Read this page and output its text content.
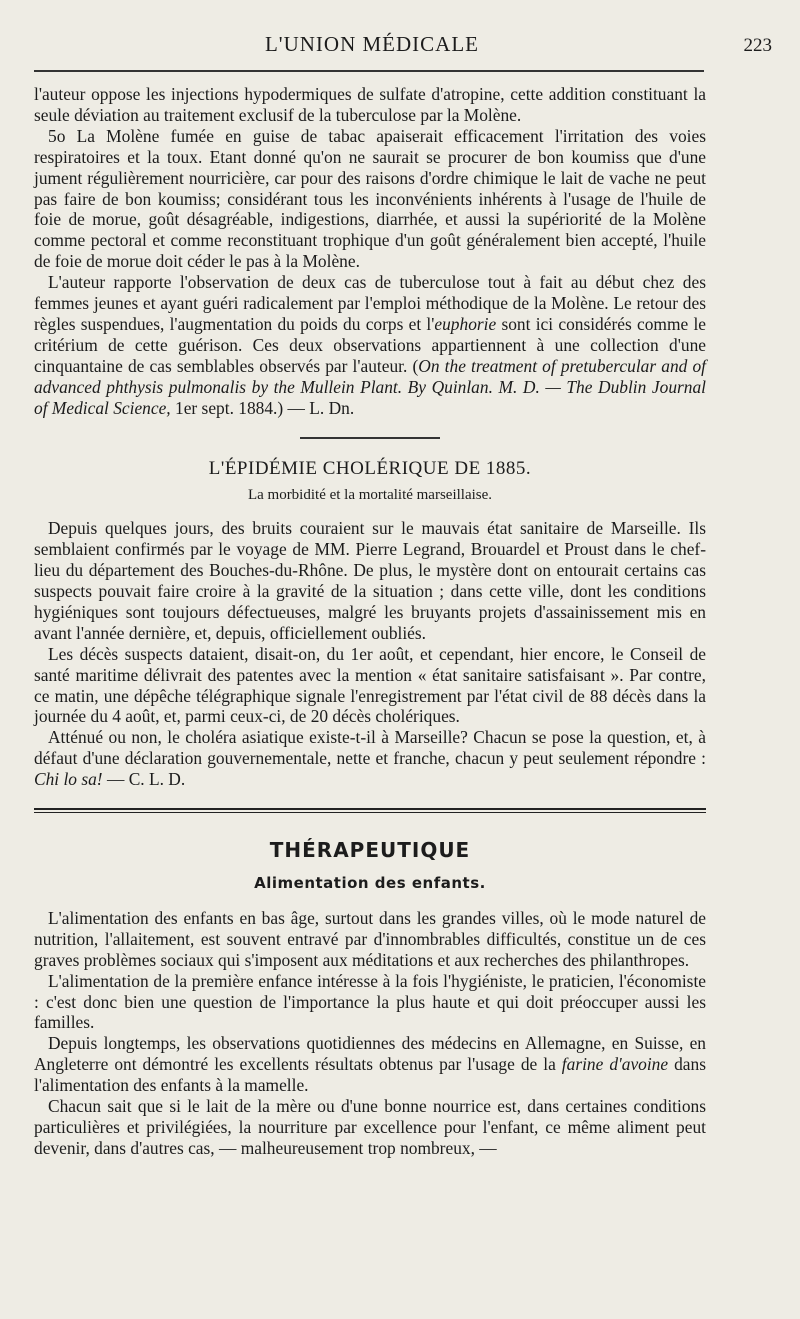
L'UNION MÉDICALE	223

l'auteur oppose les injections hypodermiques de sulfate d'atropine, cette addition constituant la seule déviation au traitement exclusif de la tuberculose par la Molène.

5o La Molène fumée en guise de tabac apaiserait efficacement l'irritation des voies respiratoires et la toux. Etant donné qu'on ne saurait se procurer de bon koumiss que d'une jument régulièrement nourricière, car pour des raisons d'ordre chimique le lait de vache ne peut pas faire de bon koumiss; considérant tous les inconvénients inhérents à l'usage de l'huile de foie de morue, goût désagréable, indigestions, diarrhée, et aussi la supériorité de la Molène comme pectoral et comme reconstituant trophique d'un goût généralement bien accepté, l'huile de foie de morue doit céder le pas à la Molène.

L'auteur rapporte l'observation de deux cas de tuberculose tout à fait au début chez des femmes jeunes et ayant guéri radicalement par l'emploi méthodique de la Molène. Le retour des règles suspendues, l'augmentation du poids du corps et l'euphorie sont ici considérés comme le critérium de cette guérison. Ces deux observations appartiennent à une collection d'une cinquantaine de cas semblables observés par l'auteur. (On the treatment of pretubercular and of advanced phthysis pulmonalis by the Mullein Plant. By Quinlan. M. D. — The Dublin Journal of Medical Science, 1er sept. 1884.) — L. Dn.

L'ÉPIDÉMIE CHOLÉRIQUE DE 1885.
La morbidité et la mortalité marseillaise.

Depuis quelques jours, des bruits couraient sur le mauvais état sanitaire de Marseille. Ils semblaient confirmés par le voyage de MM. Pierre Legrand, Brouardel et Proust dans le chef-lieu du département des Bouches-du-Rhône. De plus, le mystère dont on entourait certains cas suspects pouvait faire croire à la gravité de la situation ; dans cette ville, dont les conditions hygiéniques sont toujours défectueuses, malgré les bruyants projets d'assainissement mis en avant l'année dernière, et, depuis, officiellement oubliés.

Les décès suspects dataient, disait-on, du 1er août, et cependant, hier encore, le Conseil de santé maritime délivrait des patentes avec la mention « état sanitaire satisfaisant ». Par contre, ce matin, une dépêche télégraphique signale l'enregistrement par l'état civil de 88 décès dans la journée du 4 août, et, parmi ceux-ci, de 20 décès cholériques.

Atténué ou non, le choléra asiatique existe-t-il à Marseille? Chacun se pose la question, et, à défaut d'une déclaration gouvernementale, nette et franche, chacun y peut seulement répondre : Chi lo sa! — C. L. D.

THÉRAPEUTIQUE
Alimentation des enfants.

L'alimentation des enfants en bas âge, surtout dans les grandes villes, où le mode naturel de nutrition, l'allaitement, est souvent entravé par d'innombrables difficultés, constitue un de ces graves problèmes sociaux qui s'imposent aux méditations et aux recherches des philanthropes.

L'alimentation de la première enfance intéresse à la fois l'hygiéniste, le praticien, l'économiste : c'est donc bien une question de l'importance la plus haute et qui doit préoccuper aussi les familles.

Depuis longtemps, les observations quotidiennes des médecins en Allemagne, en Suisse, en Angleterre ont démontré les excellents résultats obtenus par l'usage de la farine d'avoine dans l'alimentation des enfants à la mamelle.

Chacun sait que si le lait de la mère ou d'une bonne nourrice est, dans certaines conditions particulières et privilégiées, la nourriture par excellence pour l'enfant, ce même aliment peut devenir, dans d'autres cas, — malheureusement trop nombreux, —
